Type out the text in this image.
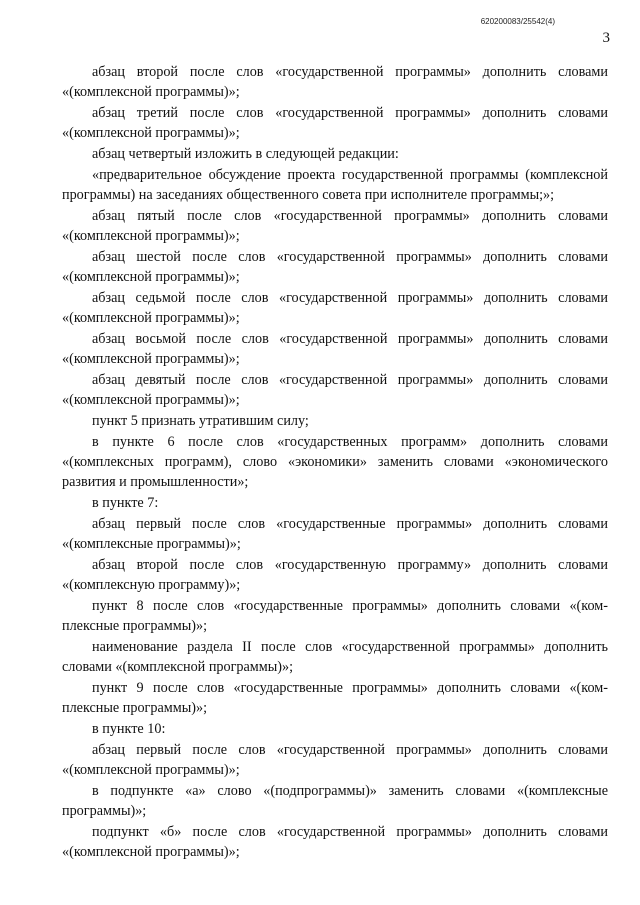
620200083/25542(4)
3

абзац второй после слов «государственной программы» дополнить словами «(комплексной программы)»;

абзац третий после слов «государственной программы» дополнить словами «(комплексной программы)»;

абзац четвертый изложить в следующей редакции:

«предварительное обсуждение проекта государственной программы (комплексной программы) на заседаниях общественного совета при исполнителе программы;»;

абзац пятый после слов «государственной программы» дополнить словами «(комплексной программы)»;

абзац шестой после слов «государственной программы» дополнить словами «(комплексной программы)»;

абзац седьмой после слов «государственной программы» дополнить словами «(комплексной программы)»;

абзац восьмой после слов «государственной программы» дополнить словами «(комплексной программы)»;

абзац девятый после слов «государственной программы» дополнить словами «(комплексной программы)»;

пункт 5 признать утратившим силу;

в пункте 6 после слов «государственных программ» дополнить словами «(комплексных программ), слово «экономики» заменить словами «экономического развития и промышленности»;

в пункте 7:

абзац первый после слов «государственные программы» дополнить словами «(комплексные программы)»;

абзац второй после слов «государственную программу» дополнить словами «(комплексную программу)»;

пункт 8 после слов «государственные программы» дополнить словами «(комплексные программы)»;

наименование раздела II после слов «государственной программы» дополнить словами «(комплексной программы)»;

пункт 9 после слов «государственные программы» дополнить словами «(комплексные программы)»;

в пункте 10:

абзац первый после слов «государственной программы» дополнить словами «(комплексной программы)»;

в подпункте «а» слово «(подпрограммы)» заменить словами «(комплексные программы)»;

подпункт «б» после слов «государственной программы» дополнить словами «(комплексной программы)»;
